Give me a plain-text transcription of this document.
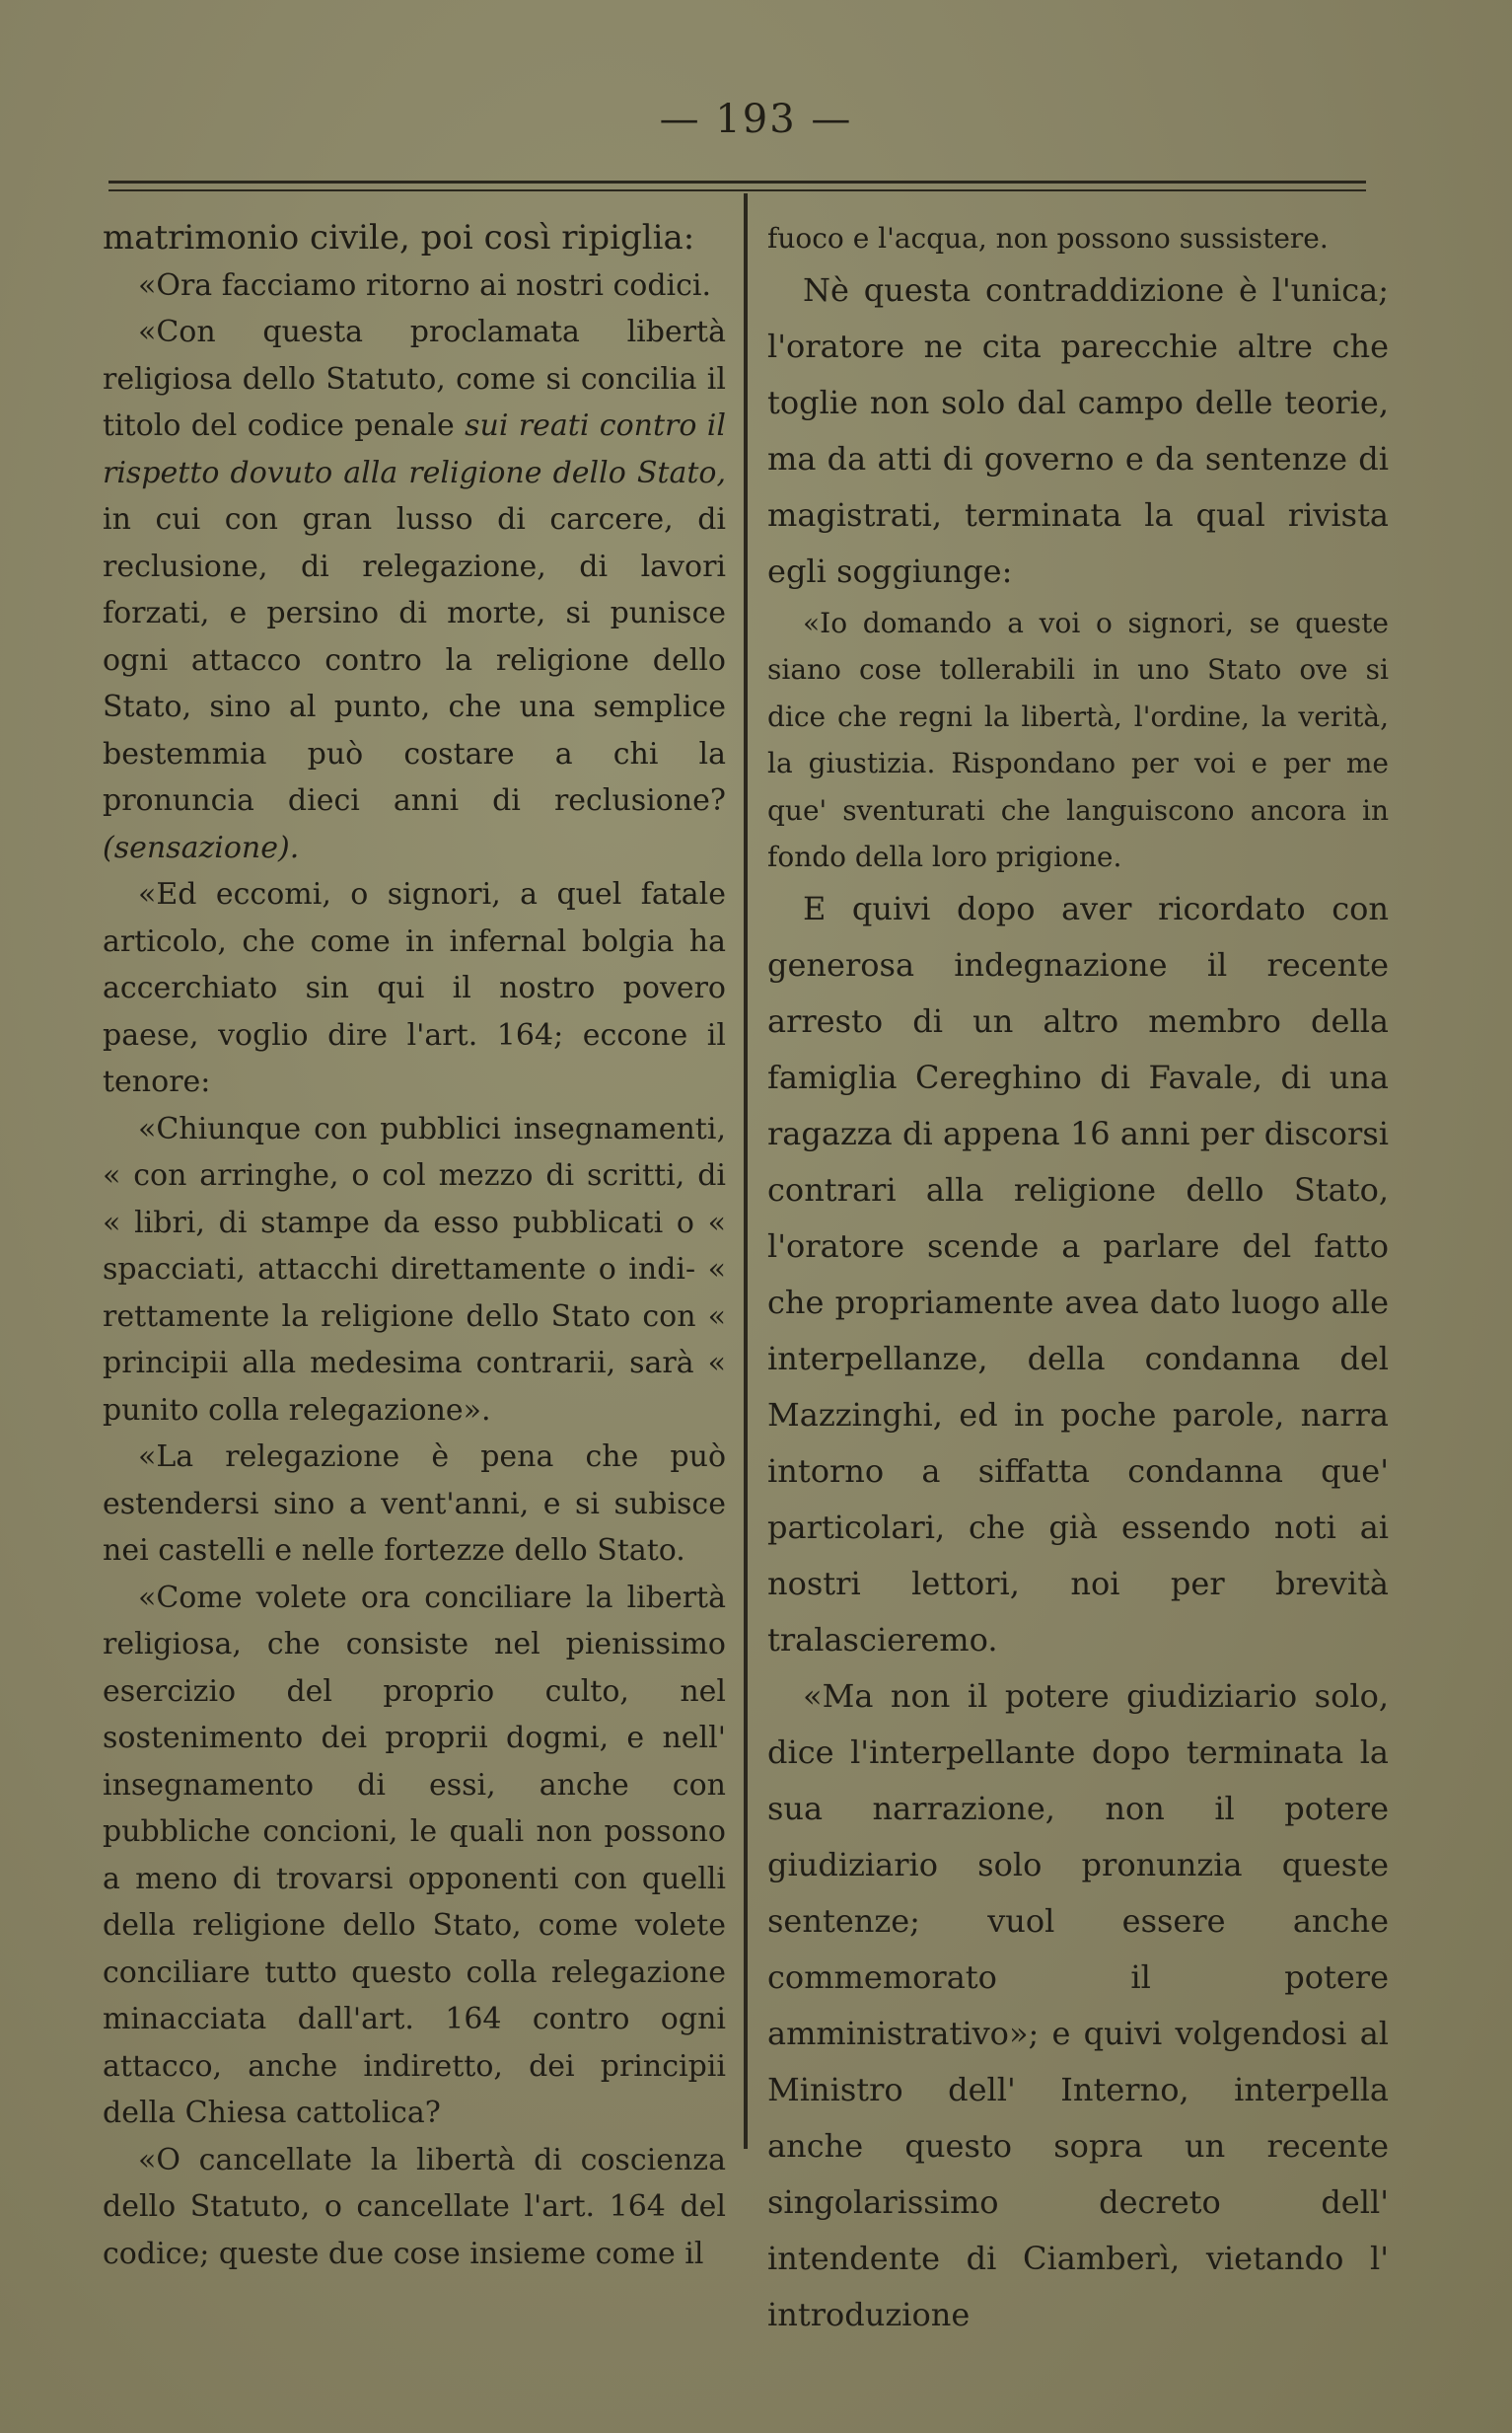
— 193 —

matrimonio civile, poi così ripiglia:

«Ora facciamo ritorno ai nostri codici.

«Con questa proclamata libertà religiosa dello Statuto, come si concilia il titolo del codice penale sui reati contro il rispetto dovuto alla religione dello Stato, in cui con gran lusso di carcere, di reclusione, di relegazione, di lavori forzati, e persino di morte, si punisce ogni attacco contro la religione dello Stato, sino al punto, che una semplice bestemmia può costare a chi la pronuncia dieci anni di reclusione? (sensazione).

«Ed eccomi, o signori, a quel fatale articolo, che come in infernal bolgia ha accerchiato sin qui il nostro povero paese, voglio dire l'art. 164; eccone il tenore:

«Chiunque con pubblici insegnamenti, « con arringhe, o col mezzo di scritti, di « libri, di stampe da esso pubblicati o « spacciati, attacchi direttamente o indi- « rettamente la religione dello Stato con « principii alla medesima contrarii, sarà « punito colla relegazione».

«La relegazione è pena che può estendersi sino a vent'anni, e si subisce nei castelli e nelle fortezze dello Stato.

«Come volete ora conciliare la libertà religiosa, che consiste nel pienissimo esercizio del proprio culto, nel sostenimento dei proprii dogmi, e nell' insegnamento di essi, anche con pubbliche concioni, le quali non possono a meno di trovarsi opponenti con quelli della religione dello Stato, come volete conciliare tutto questo colla relegazione minacciata dall'art. 164 contro ogni attacco, anche indiretto, dei principii della Chiesa cattolica?

«O cancellate la libertà di coscienza dello Statuto, o cancellate l'art. 164 del codice; queste due cose insieme come il

fuoco e l'acqua, non possono sussistere.

Nè questa contraddizione è l'unica; l'oratore ne cita parecchie altre che toglie non solo dal campo delle teorie, ma da atti di governo e da sentenze di magistrati, terminata la qual rivista egli soggiunge:

«Io domando a voi o signori, se queste siano cose tollerabili in uno Stato ove si dice che regni la libertà, l'ordine, la verità, la giustizia. Rispondano per voi e per me que' sventurati che languiscono ancora in fondo della loro prigione.

E quivi dopo aver ricordato con generosa indegnazione il recente arresto di un altro membro della famiglia Cereghino di Favale, di una ragazza di appena 16 anni per discorsi contrari alla religione dello Stato, l'oratore scende a parlare del fatto che propriamente avea dato luogo alle interpellanze, della condanna del Mazzinghi, ed in poche parole, narra intorno a siffatta condanna que' particolari, che già essendo noti ai nostri lettori, noi per brevità tralascieremo.

«Ma non il potere giudiziario solo, dice l'interpellante dopo terminata la sua narrazione, non il potere giudiziario solo pronunzia queste sentenze; vuol essere anche commemorato il potere amministrativo»; e quivi volgendosi al Ministro dell' Interno, interpella anche questo sopra un recente singolarissimo decreto dell' intendente di Ciamberì, vietando l' introduzione
